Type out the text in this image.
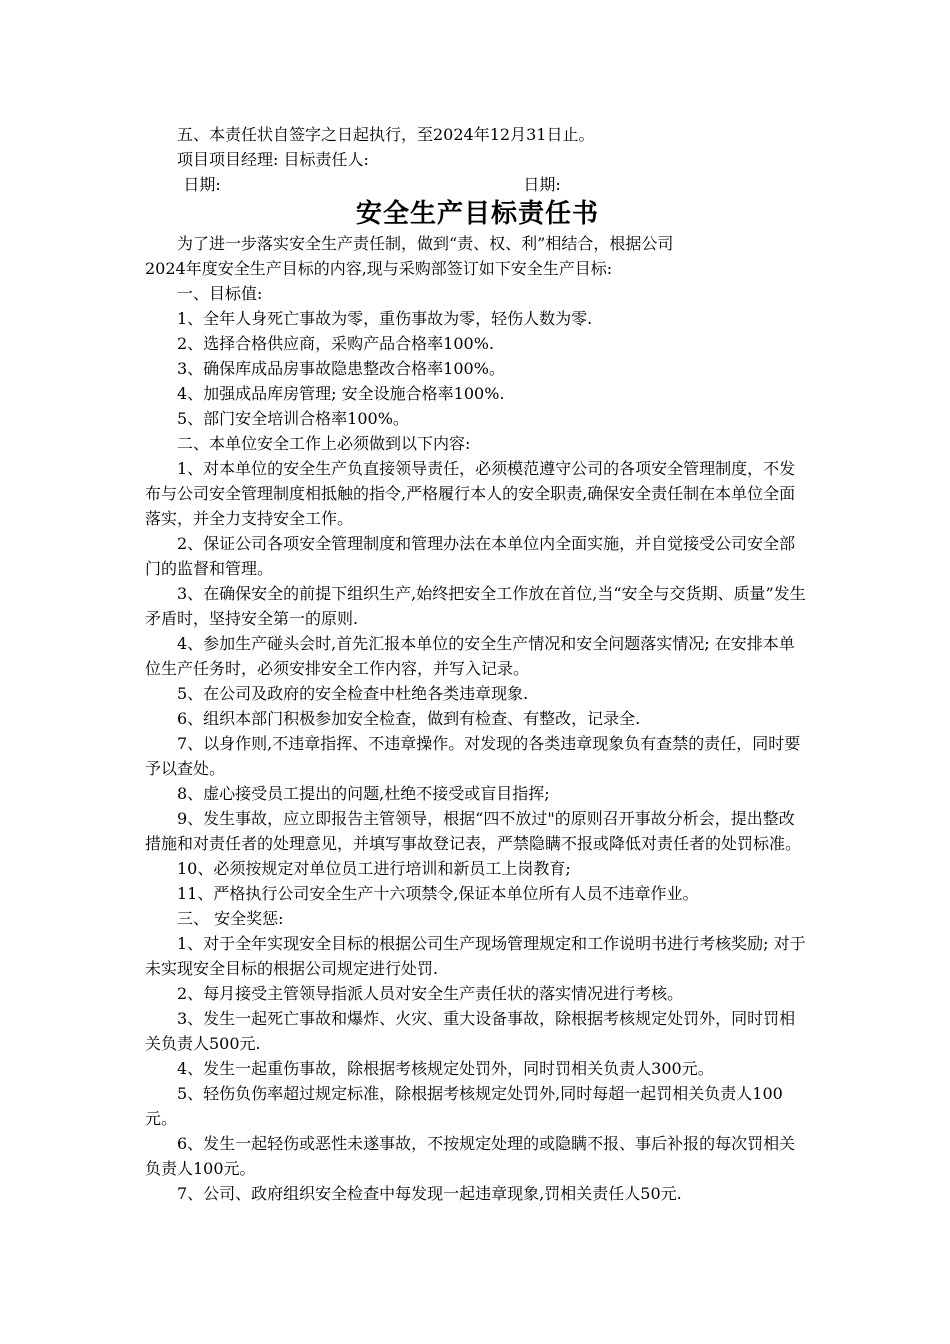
五、本责任状自签字之日起执行，至2024年12月31日止。

项目项目经理: 目标责任人:

日期:	日期:
安全生产目标责任书

为了进一步落实安全生产责任制，做到“责、权、利”相结合，根据公司

2024年度安全生产目标的内容,现与采购部签订如下安全生产目标:

一、目标值:

1、全年人身死亡事故为零，重伤事故为零，轻伤人数为零.

2、选择合格供应商，采购产品合格率100%.

3、确保库成品房事故隐患整改合格率100%。

4、加强成品库房管理; 安全设施合格率100%.

5、部门安全培训合格率100%。

二、本单位安全工作上必须做到以下内容:

1、对本单位的安全生产负直接领导责任，必须模范遵守公司的各项安全管理制度，不发布与公司安全管理制度相抵触的指令,严格履行本人的安全职责,确保安全责任制在本单位全面落实，并全力支持安全工作。

2、保证公司各项安全管理制度和管理办法在本单位内全面实施，并自觉接受公司安全部门的监督和管理。

3、在确保安全的前提下组织生产,始终把安全工作放在首位,当“安全与交货期、质量”发生矛盾时，坚持安全第一的原则.

4、参加生产碰头会时,首先汇报本单位的安全生产情况和安全问题落实情况; 在安排本单位生产任务时，必须安排安全工作内容，并写入记录。

5、在公司及政府的安全检查中杜绝各类违章现象.

6、组织本部门积极参加安全检查，做到有检查、有整改，记录全.

7、以身作则,不违章指挥、不违章操作。对发现的各类违章现象负有查禁的责任，同时要予以查处。

8、虚心接受员工提出的问题,杜绝不接受或盲目指挥;

9、发生事故，应立即报告主管领导，根据“四不放过"的原则召开事故分析会，提出整改措施和对责任者的处理意见，并填写事故登记表，严禁隐瞒不报或降低对责任者的处罚标准。

10、必须按规定对单位员工进行培训和新员工上岗教育;

11、严格执行公司安全生产十六项禁令,保证本单位所有人员不违章作业。

三、 安全奖惩:

1、对于全年实现安全目标的根据公司生产现场管理规定和工作说明书进行考核奖励; 对于未实现安全目标的根据公司规定进行处罚.

2、每月接受主管领导指派人员对安全生产责任状的落实情况进行考核。

3、发生一起死亡事故和爆炸、火灾、重大设备事故，除根据考核规定处罚外，同时罚相关负责人500元.

4、发生一起重伤事故，除根据考核规定处罚外，同时罚相关负责人300元。

5、轻伤负伤率超过规定标准，除根据考核规定处罚外,同时每超一起罚相关负责人100元。

6、发生一起轻伤或恶性未遂事故，不按规定处理的或隐瞒不报、事后补报的每次罚相关负责人100元。

7、公司、政府组织安全检查中每发现一起违章现象,罚相关责任人50元.
